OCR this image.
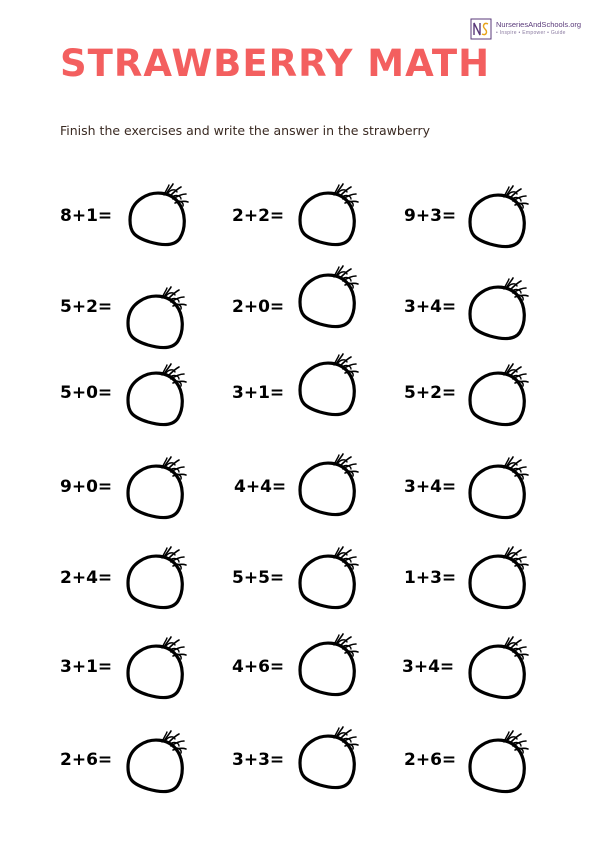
NurseriesAndSchools.org
• Inspire • Empower • Guide
STRAWBERRY MATH
Finish the exercises and write the answer in the strawberry
8+1=	2+2=	9+3=
5+2=	2+0=	3+4=
5+0=	3+1=	5+2=
9+0=	4+4=	3+4=
2+4=	5+5=	1+3=
3+1=	4+6=	3+4=
2+6=	3+3=	2+6=
